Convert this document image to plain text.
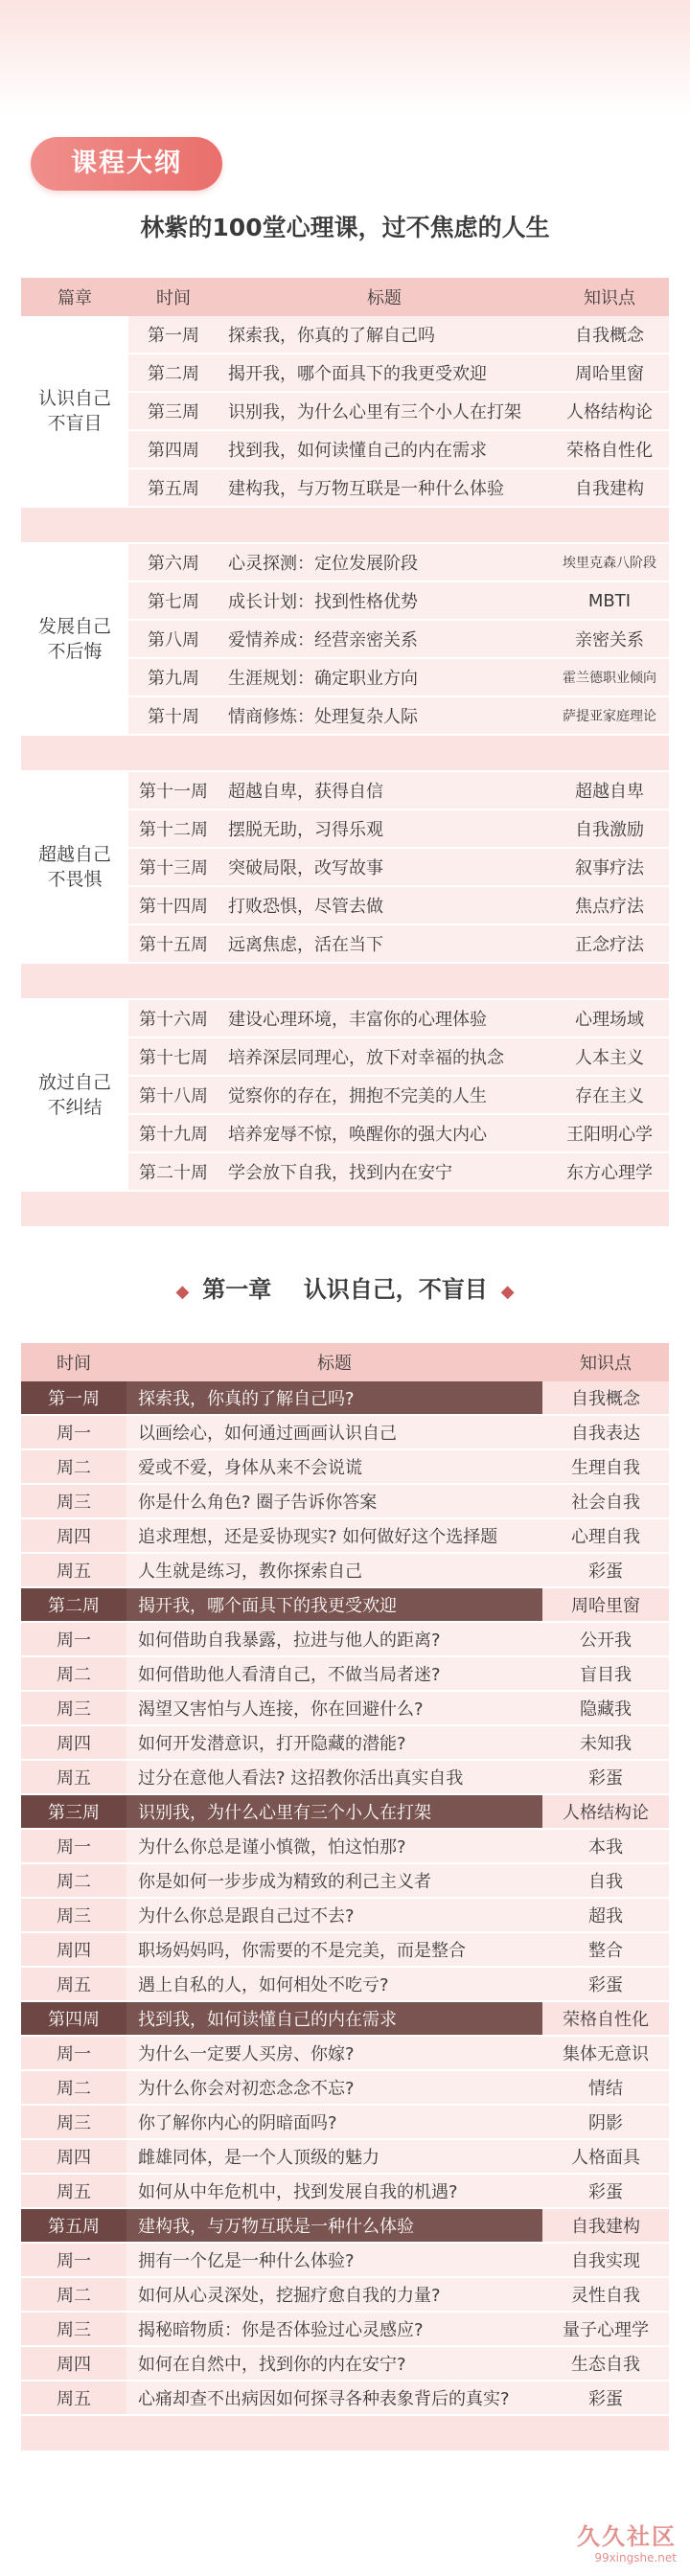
课程大纲
林紫的100堂心理课，过不焦虑的人生
篇章	时间	标题	知识点
认识自己
不盲目	第一周	探索我，你真的了解自己吗	自我概念
	第二周	揭开我，哪个面具下的我更受欢迎	周哈里窗
	第三周	识别我，为什么心里有三个小人在打架	人格结构论
	第四周	找到我，如何读懂自己的内在需求	荣格自性化
	第五周	建构我，与万物互联是一种什么体验	自我建构

发展自己
不后悔	第六周	心灵探测：定位发展阶段	埃里克森八阶段
	第七周	成长计划：找到性格优势	MBTI
	第八周	爱情养成：经营亲密关系	亲密关系
	第九周	生涯规划：确定职业方向	霍兰德职业倾向
	第十周	情商修炼：处理复杂人际	萨提亚家庭理论

超越自己
不畏惧	第十一周	超越自卑，获得自信	超越自卑
	第十二周	摆脱无助，习得乐观	自我激励
	第十三周	突破局限，改写故事	叙事疗法
	第十四周	打败恐惧，尽管去做	焦点疗法
	第十五周	远离焦虑，活在当下	正念疗法

放过自己
不纠结	第十六周	建设心理环境，丰富你的心理体验	心理场域
	第十七周	培养深层同理心，放下对幸福的执念	人本主义
	第十八周	觉察你的存在，拥抱不完美的人生	存在主义
	第十九周	培养宠辱不惊，唤醒你的强大内心	王阳明心学
	第二十周	学会放下自我，找到内在安宁	东方心理学

◆ 第一章    认识自己，不盲目 ◆
时间	标题	知识点
第一周	探索我，你真的了解自己吗?	自我概念
周一	以画绘心，如何通过画画认识自己	自我表达
周二	爱或不爱，身体从来不会说谎	生理自我
周三	你是什么角色? 圈子告诉你答案	社会自我
周四	追求理想，还是妥协现实? 如何做好这个选择题	心理自我
周五	人生就是练习，教你探索自己	彩蛋
第二周	揭开我，哪个面具下的我更受欢迎	周哈里窗
周一	如何借助自我暴露，拉进与他人的距离?	公开我
周二	如何借助他人看清自己，不做当局者迷?	盲目我
周三	渴望又害怕与人连接，你在回避什么?	隐藏我
周四	如何开发潜意识，打开隐藏的潜能?	未知我
周五	过分在意他人看法? 这招教你活出真实自我	彩蛋
第三周	识别我，为什么心里有三个小人在打架	人格结构论
周一	为什么你总是谨小慎微，怕这怕那?	本我
周二	你是如何一步步成为精致的利己主义者	自我
周三	为什么你总是跟自己过不去?	超我
周四	职场妈妈吗，你需要的不是完美，而是整合	整合
周五	遇上自私的人，如何相处不吃亏?	彩蛋
第四周	找到我，如何读懂自己的内在需求	荣格自性化
周一	为什么一定要人买房、你嫁?	集体无意识
周二	为什么你会对初恋念念不忘?	情结
周三	你了解你内心的阴暗面吗?	阴影
周四	雌雄同体，是一个人顶级的魅力	人格面具
周五	如何从中年危机中，找到发展自我的机遇?	彩蛋
第五周	建构我，与万物互联是一种什么体验	自我建构
周一	拥有一个亿是一种什么体验?	自我实现
周二	如何从心灵深处，挖掘疗愈自我的力量?	灵性自我
周三	揭秘暗物质：你是否体验过心灵感应?	量子心理学
周四	如何在自然中，找到你的内在安宁?	生态自我
周五	心痛却查不出病因如何探寻各种表象背后的真实?	彩蛋

久久社区
99xingshe.net
